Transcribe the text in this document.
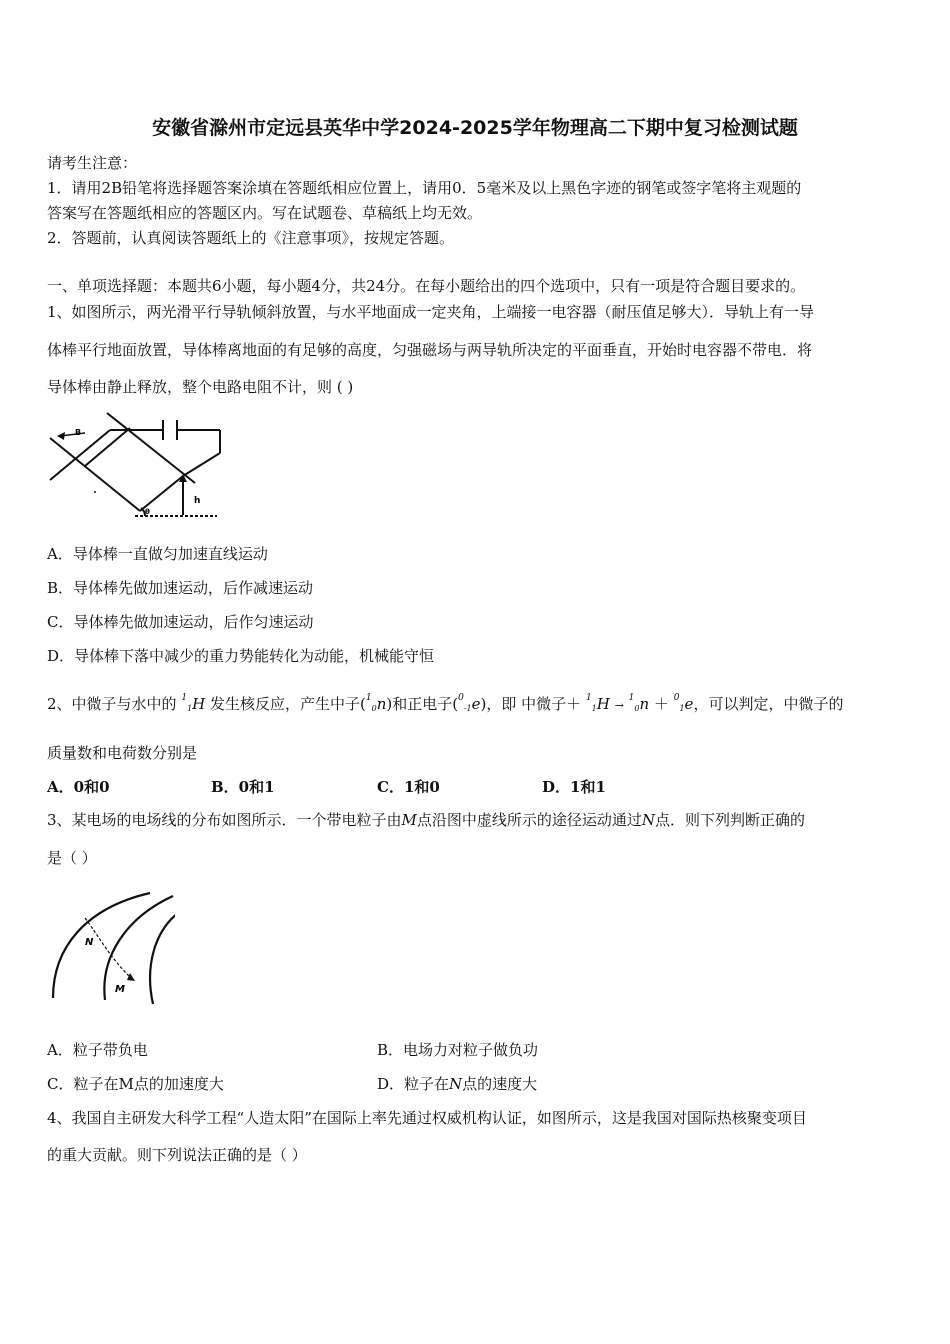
安徽省滁州市定远县英华中学2024-2025学年物理高二下期中复习检测试题
请考生注意：
1．请用2B铅笔将选择题答案涂填在答题纸相应位置上，请用0．5毫米及以上黑色字迹的钢笔或签字笔将主观题的
答案写在答题纸相应的答题区内。写在试题卷、草稿纸上均无效。
2．答题前，认真阅读答题纸上的《注意事项》，按规定答题。
一、单项选择题：本题共6小题，每小题4分，共24分。在每小题给出的四个选项中，只有一项是符合题目要求的。
1、如图所示，两光滑平行导轨倾斜放置，与水平地面成一定夹角，上端接一电容器（耐压值足够大）．导轨上有一导
体棒平行地面放置，导体棒离地面的有足够的高度，匀强磁场与两导轨所决定的平面垂直，开始时电容器不带电．将
导体棒由静止释放，整个电路电阻不计，则 ( )
B
h
θ
A．导体棒一直做匀加速直线运动
B．导体棒先做加速运动，后作减速运动
C．导体棒先做加速运动，后作匀速运动
D．导体棒下落中减少的重力势能转化为动能，机械能守恒
2、中微子与水中的 $^1$1H 发生核反应，产生中子($^1$0n)和正电子($^0$-1e)，即 中微子＋ $^1$1H → $^1$0n ＋ $^0$1e，可以判定，中微子的
质量数和电荷数分别是
A．0和0	B．0和1	C．1和0	D．1和1
3、某电场的电场线的分布如图所示．一个带电粒子由M点沿图中虚线所示的途径运动通过N点．则下列判断正确的
是（ ）
N
M
A．粒子带负电	B．电场力对粒子做负功
C．粒子在M点的加速度大	D．粒子在N点的速度大
4、我国自主研发大科学工程“人造太阳”在国际上率先通过权威机构认证，如图所示，这是我国对国际热核聚变项目
的重大贡献。则下列说法正确的是（ ）
